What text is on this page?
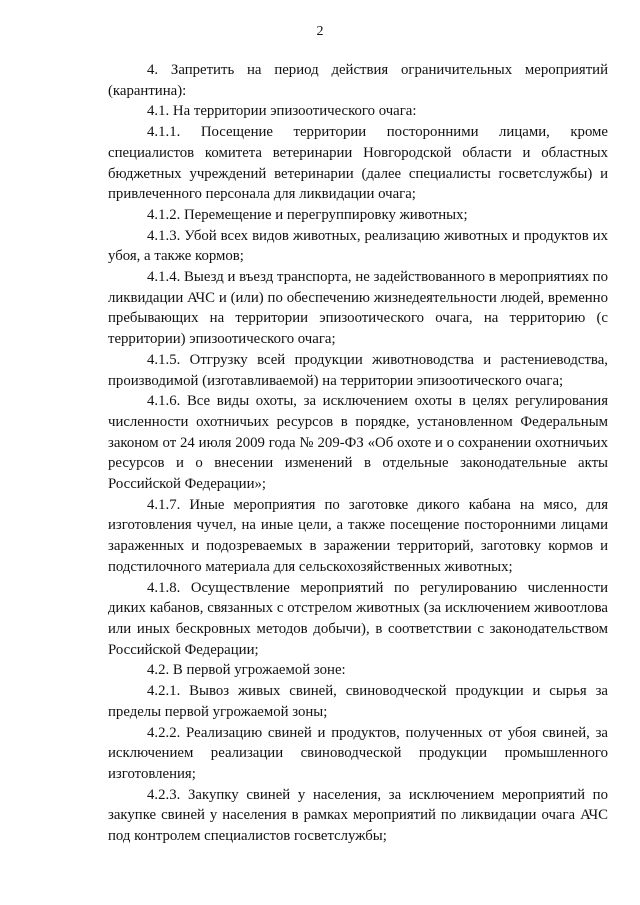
2

4. Запретить на период действия ограничительных мероприятий (карантина):

4.1. На территории эпизоотического очага:

4.1.1. Посещение территории посторонними лицами, кроме специалистов комитета ветеринарии Новгородской области и областных бюджетных учреждений ветеринарии (далее специалисты госветслужбы) и привлеченного персонала для ликвидации очага;

4.1.2. Перемещение и перегруппировку животных;

4.1.3. Убой всех видов животных, реализацию животных и продуктов их убоя, а также кормов;

4.1.4. Выезд и въезд транспорта, не задействованного в мероприятиях по ликвидации АЧС и (или) по обеспечению жизнедеятельности людей, временно пребывающих на территории эпизоотического очага, на территорию (с территории) эпизоотического очага;

4.1.5. Отгрузку всей продукции животноводства и растениеводства, производимой (изготавливаемой) на территории эпизоотического очага;

4.1.6. Все виды охоты, за исключением охоты в целях регулирования численности охотничьих ресурсов в порядке, установленном Федеральным законом от 24 июля 2009 года № 209-ФЗ «Об охоте и о сохранении охотничьих ресурсов и о внесении изменений в отдельные законодательные акты Российской Федерации»;

4.1.7. Иные мероприятия по заготовке дикого кабана на мясо, для изготовления чучел, на иные цели, а также посещение посторонними лицами зараженных и подозреваемых в заражении территорий, заготовку кормов и подстилочного материала для сельскохозяйственных животных;

4.1.8. Осуществление мероприятий по регулированию численности диких кабанов, связанных с отстрелом животных (за исключением живоотлова или иных бескровных методов добычи), в соответствии с законодательством Российской Федерации;

4.2. В первой угрожаемой зоне:

4.2.1. Вывоз живых свиней, свиноводческой продукции и сырья за пределы первой угрожаемой зоны;

4.2.2. Реализацию свиней и продуктов, полученных от убоя свиней, за исключением реализации свиноводческой продукции промышленного изготовления;

4.2.3. Закупку свиней у населения, за исключением мероприятий по закупке свиней у населения в рамках мероприятий по ликвидации очага АЧС под контролем специалистов госветслужбы;
